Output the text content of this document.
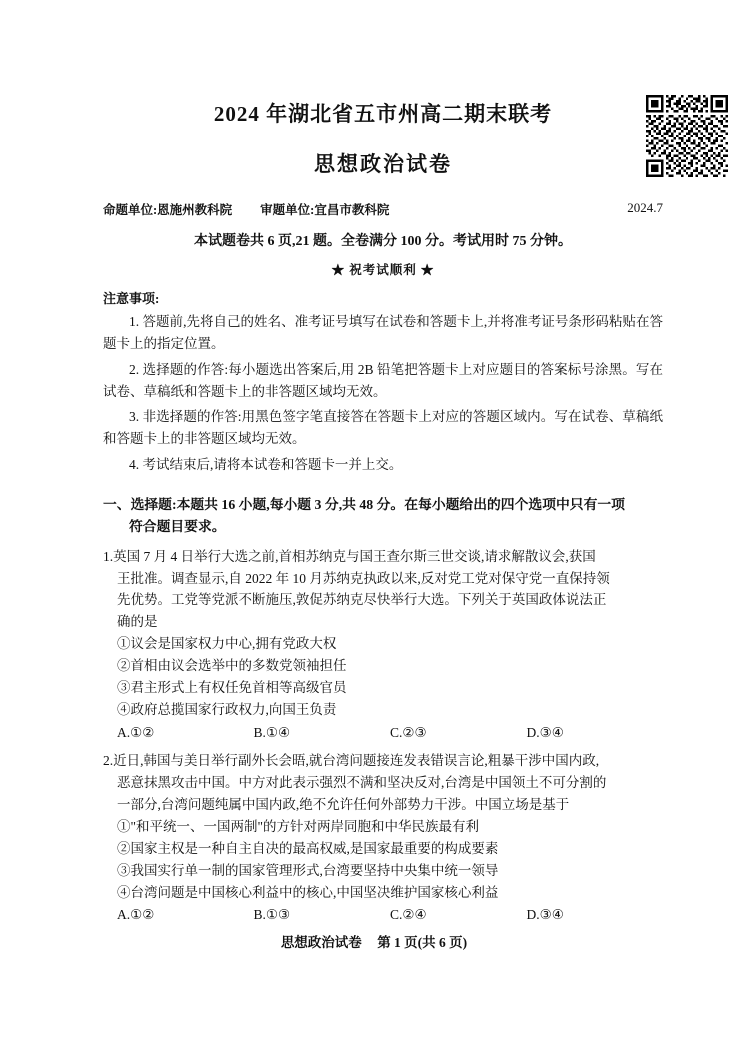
2024 年湖北省五市州高二期末联考
思想政治试卷
命题单位:恩施州教科院 审题单位:宜昌市教科院	2024.7
本试题卷共 6 页,21 题。全卷满分 100 分。考试用时 75 分钟。
★ 祝考试顺利 ★
注意事项:
1. 答题前,先将自己的姓名、准考证号填写在试卷和答题卡上,并将准考证号条形码粘贴在答题卡上的指定位置。
2. 选择题的作答:每小题选出答案后,用 2B 铅笔把答题卡上对应题目的答案标号涂黑。写在试卷、草稿纸和答题卡上的非答题区域均无效。
3. 非选择题的作答:用黑色签字笔直接答在答题卡上对应的答题区域内。写在试卷、草稿纸和答题卡上的非答题区域均无效。
4. 考试结束后,请将本试卷和答题卡一并上交。
一、选择题:本题共 16 小题,每小题 3 分,共 48 分。在每小题给出的四个选项中只有一项
符合题目要求。
1.英国 7 月 4 日举行大选之前,首相苏纳克与国王查尔斯三世交谈,请求解散议会,获国
王批准。调查显示,自 2022 年 10 月苏纳克执政以来,反对党工党对保守党一直保持领
先优势。工党等党派不断施压,敦促苏纳克尽快举行大选。下列关于英国政体说法正
确的是
①议会是国家权力中心,拥有党政大权
②首相由议会选举中的多数党领袖担任
③君主形式上有权任免首相等高级官员
④政府总揽国家行政权力,向国王负责
A.①②	B.①④	C.②③	D.③④
2.近日,韩国与美日举行副外长会晤,就台湾问题接连发表错误言论,粗暴干涉中国内政,
恶意抹黑攻击中国。中方对此表示强烈不满和坚决反对,台湾是中国领土不可分割的
一部分,台湾问题纯属中国内政,绝不允许任何外部势力干涉。中国立场是基于
①"和平统一、一国两制"的方针对两岸同胞和中华民族最有利
②国家主权是一种自主自决的最高权威,是国家最重要的构成要素
③我国实行单一制的国家管理形式,台湾要坚持中央集中统一领导
④台湾问题是中国核心利益中的核心,中国坚决维护国家核心利益
A.①②	B.①③	C.②④	D.③④
思想政治试卷 第 1 页(共 6 页)
